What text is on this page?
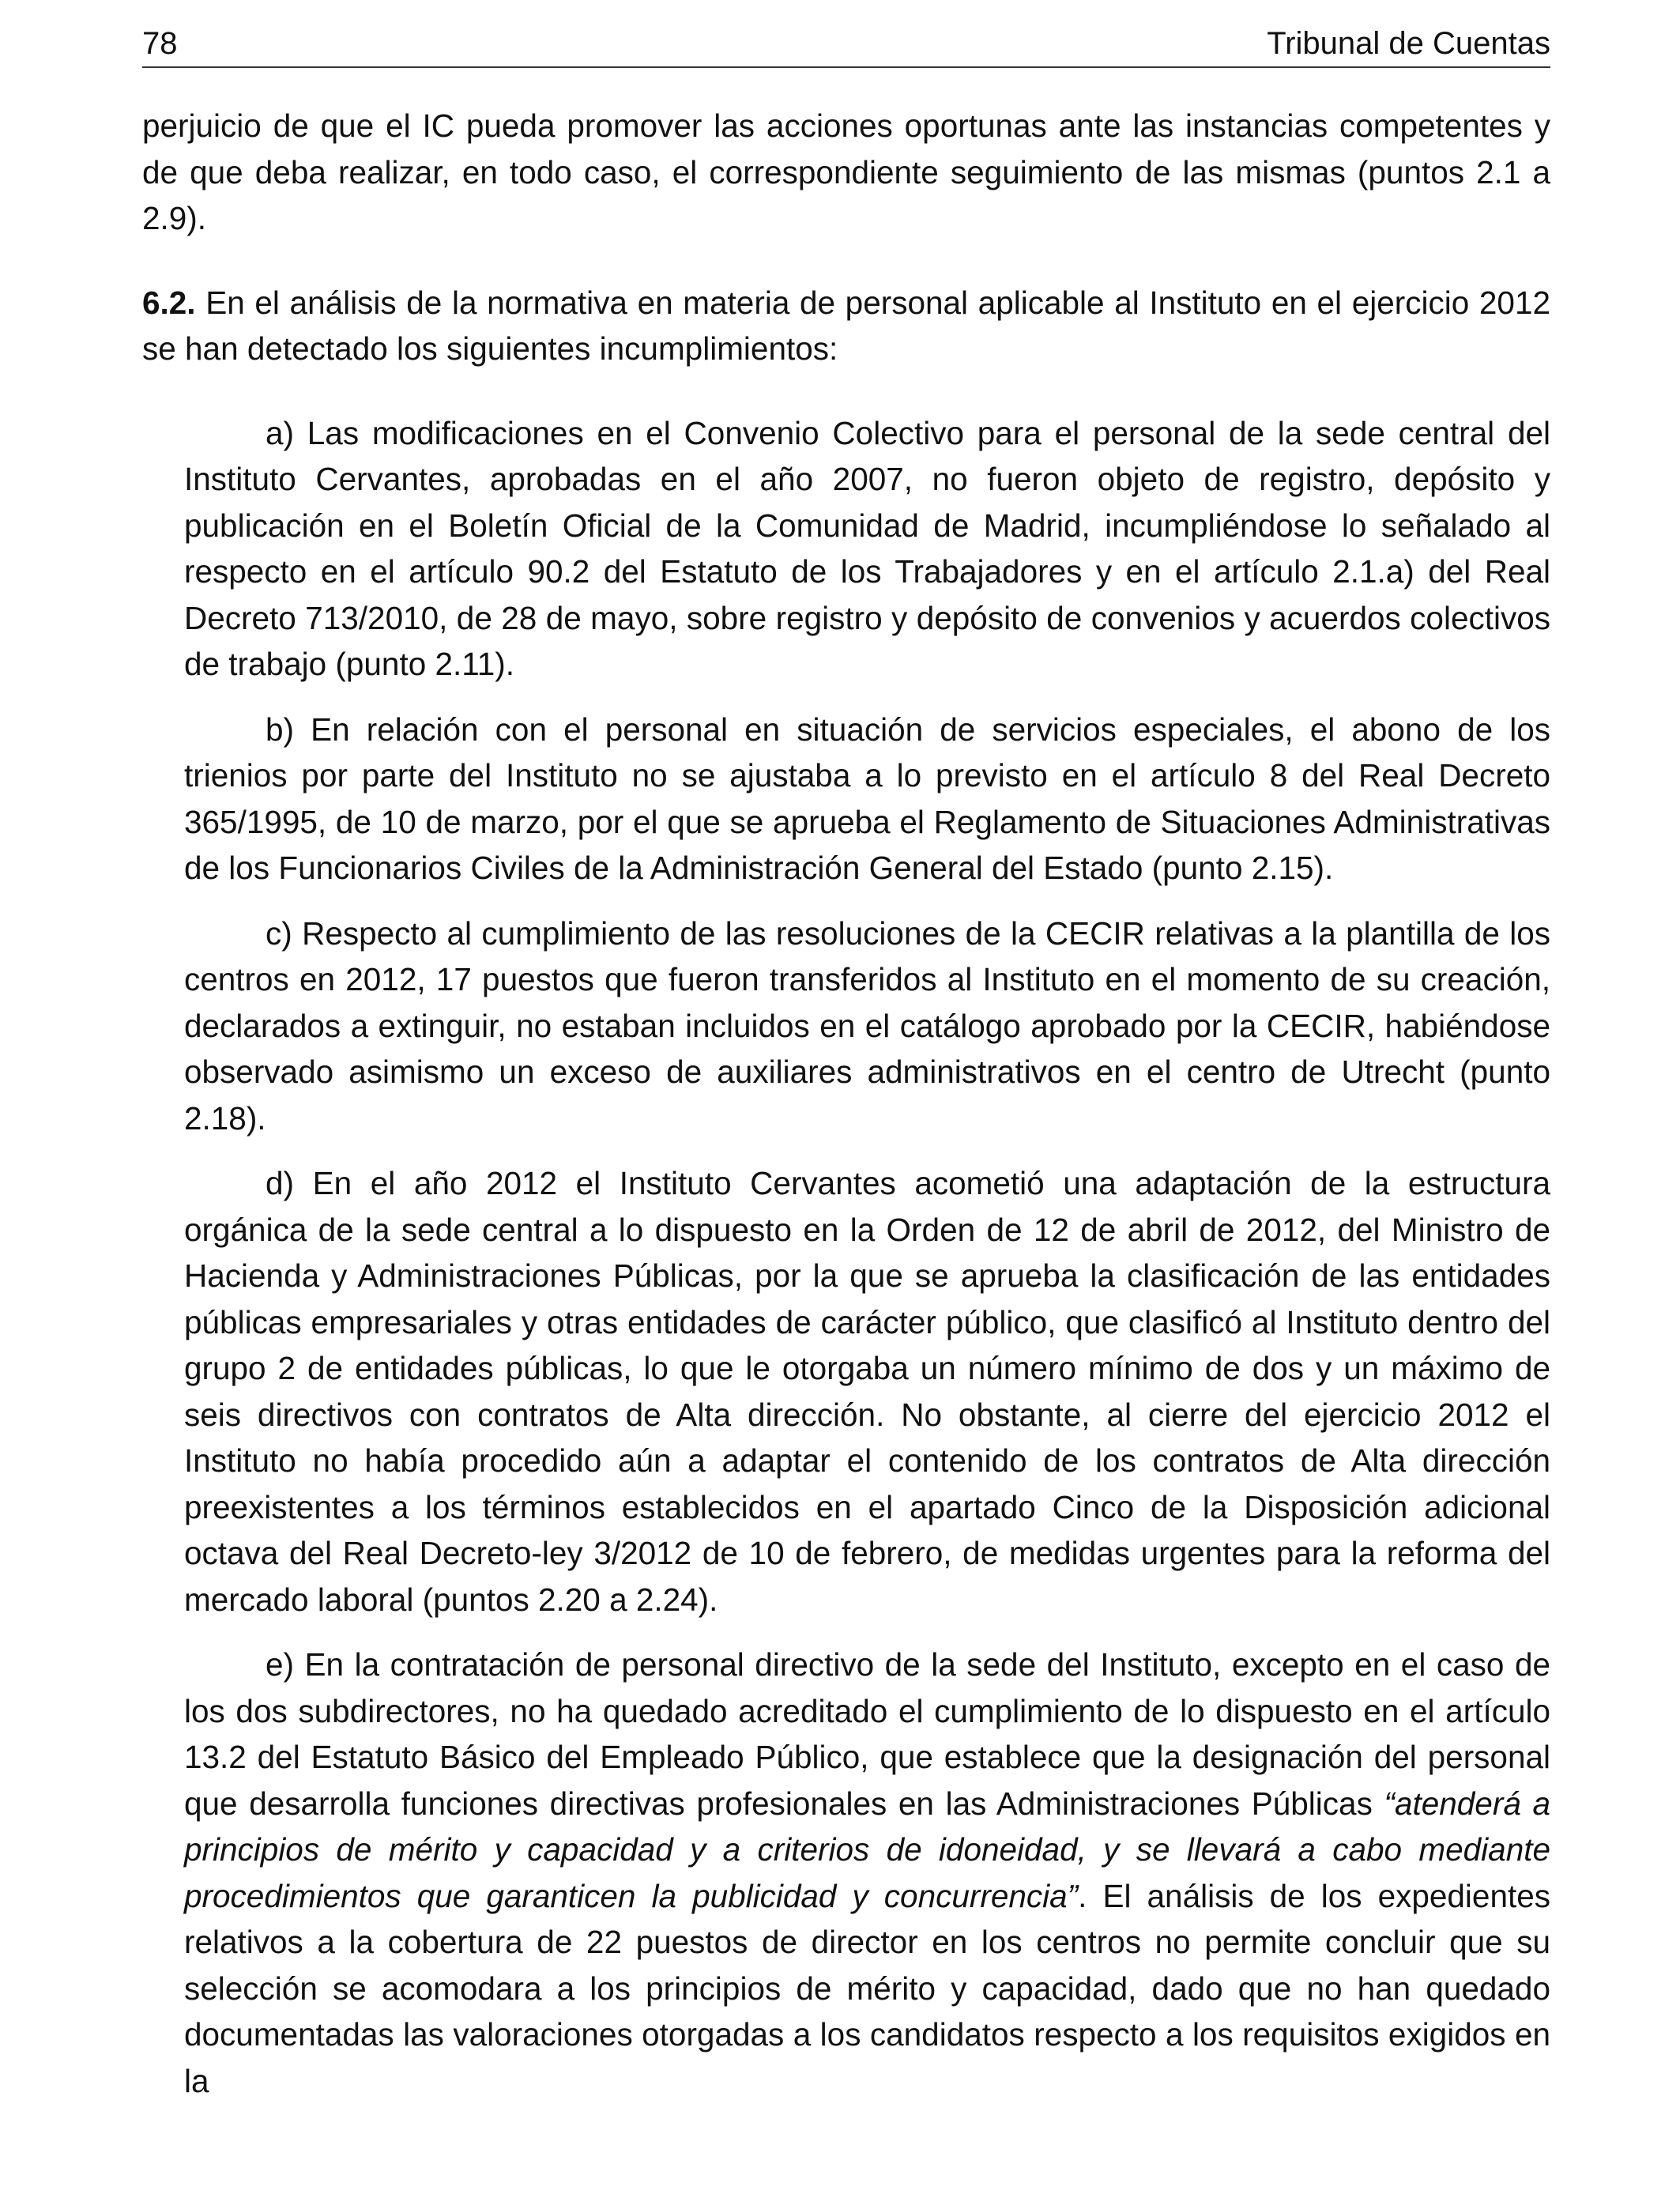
78	Tribunal de Cuentas

perjuicio de que el IC pueda promover las acciones oportunas ante las instancias competentes y de que deba realizar, en todo caso, el correspondiente seguimiento de las mismas (puntos 2.1 a 2.9).

6.2. En el análisis de la normativa en materia de personal aplicable al Instituto en el ejercicio 2012 se han detectado los siguientes incumplimientos:

a) Las modificaciones en el Convenio Colectivo para el personal de la sede central del Instituto Cervantes, aprobadas en el año 2007, no fueron objeto de registro, depósito y publicación en el Boletín Oficial de la Comunidad de Madrid, incumpliéndose lo señalado al respecto en el artículo 90.2 del Estatuto de los Trabajadores y en el artículo 2.1.a) del Real Decreto 713/2010, de 28 de mayo, sobre registro y depósito de convenios y acuerdos colectivos de trabajo (punto 2.11).

b) En relación con el personal en situación de servicios especiales, el abono de los trienios por parte del Instituto no se ajustaba a lo previsto en el artículo 8 del Real Decreto 365/1995, de 10 de marzo, por el que se aprueba el Reglamento de Situaciones Administrativas de los Funcionarios Civiles de la Administración General del Estado (punto 2.15).

c) Respecto al cumplimiento de las resoluciones de la CECIR relativas a la plantilla de los centros en 2012, 17 puestos que fueron transferidos al Instituto en el momento de su creación, declarados a extinguir, no estaban incluidos en el catálogo aprobado por la CECIR, habiéndose observado asimismo un exceso de auxiliares administrativos en el centro de Utrecht (punto 2.18).

d) En el año 2012 el Instituto Cervantes acometió una adaptación de la estructura orgánica de la sede central a lo dispuesto en la Orden de 12 de abril de 2012, del Ministro de Hacienda y Administraciones Públicas, por la que se aprueba la clasificación de las entidades públicas empresariales y otras entidades de carácter público, que clasificó al Instituto dentro del grupo 2 de entidades públicas, lo que le otorgaba un número mínimo de dos y un máximo de seis directivos con contratos de Alta dirección. No obstante, al cierre del ejercicio 2012 el Instituto no había procedido aún a adaptar el contenido de los contratos de Alta dirección preexistentes a los términos establecidos en el apartado Cinco de la Disposición adicional octava del Real Decreto-ley 3/2012 de 10 de febrero, de medidas urgentes para la reforma del mercado laboral (puntos 2.20 a 2.24).

e) En la contratación de personal directivo de la sede del Instituto, excepto en el caso de los dos subdirectores, no ha quedado acreditado el cumplimiento de lo dispuesto en el artículo 13.2 del Estatuto Básico del Empleado Público, que establece que la designación del personal que desarrolla funciones directivas profesionales en las Administraciones Públicas “atenderá a principios de mérito y capacidad y a criterios de idoneidad, y se llevará a cabo mediante procedimientos que garanticen la publicidad y concurrencia”. El análisis de los expedientes relativos a la cobertura de 22 puestos de director en los centros no permite concluir que su selección se acomodara a los principios de mérito y capacidad, dado que no han quedado documentadas las valoraciones otorgadas a los candidatos respecto a los requisitos exigidos en la
